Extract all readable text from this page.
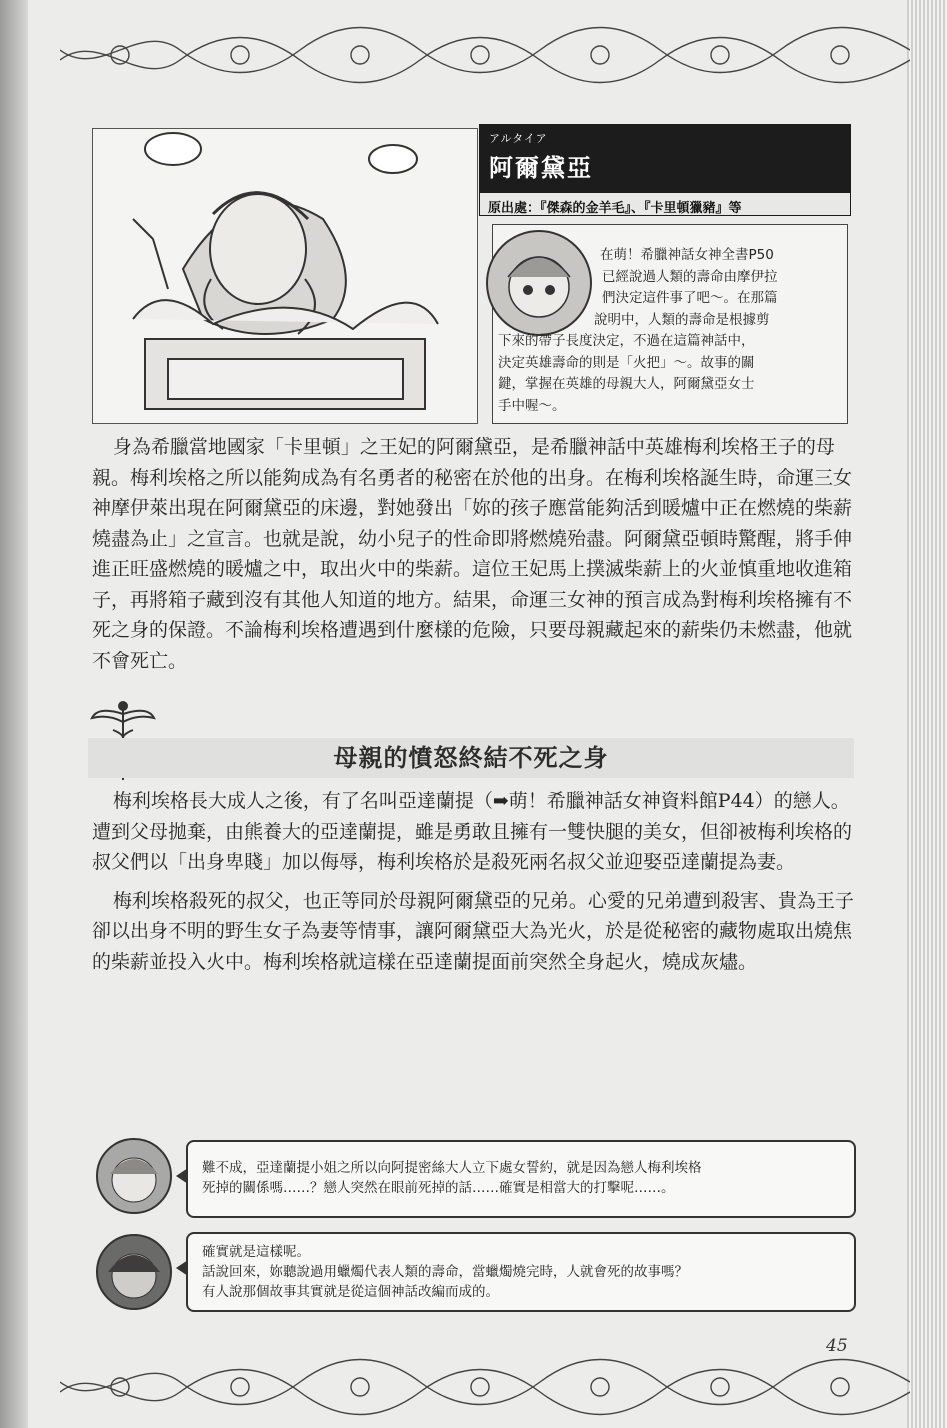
アルタイア
阿爾黛亞
原出處：『傑森的金羊毛』、『卡里頓獵豬』等
在萌！希臘神話女神全書P50
已經說過人類的壽命由摩伊拉
們決定這件事了吧～。在那篇
說明中，人類的壽命是根據剪
下來的帶子長度決定，不過在這篇神話中，
決定英雄壽命的則是「火把」～。故事的關
鍵，掌握在英雄的母親大人，阿爾黛亞女士
手中喔～。

身為希臘當地國家「卡里頓」之王妃的阿爾黛亞，是希臘神話中英雄梅利埃格王子的母親。梅利埃格之所以能夠成為有名勇者的秘密在於他的出身。在梅利埃格誕生時，命運三女神摩伊萊出現在阿爾黛亞的床邊，對她發出「妳的孩子應當能夠活到暖爐中正在燃燒的柴薪燒盡為止」之宣言。也就是說，幼小兒子的性命即將燃燒殆盡。阿爾黛亞頓時驚醒，將手伸進正旺盛燃燒的暖爐之中，取出火中的柴薪。這位王妃馬上撲滅柴薪上的火並慎重地收進箱子，再將箱子藏到沒有其他人知道的地方。結果，命運三女神的預言成為對梅利埃格擁有不死之身的保證。不論梅利埃格遭遇到什麼樣的危險，只要母親藏起來的薪柴仍未燃盡，他就不會死亡。

母親的憤怒終結不死之身

梅利埃格長大成人之後，有了名叫亞達蘭提（➡萌！希臘神話女神資料館P44）的戀人。遭到父母拋棄，由熊養大的亞達蘭提，雖是勇敢且擁有一雙快腿的美女，但卻被梅利埃格的叔父們以「出身卑賤」加以侮辱，梅利埃格於是殺死兩名叔父並迎娶亞達蘭提為妻。

梅利埃格殺死的叔父，也正等同於母親阿爾黛亞的兄弟。心愛的兄弟遭到殺害、貴為王子卻以出身不明的野生女子為妻等情事，讓阿爾黛亞大為光火，於是從秘密的藏物處取出燒焦的柴薪並投入火中。梅利埃格就這樣在亞達蘭提面前突然全身起火，燒成灰燼。

難不成，亞達蘭提小姐之所以向阿提密絲大人立下處女誓約，就是因為戀人梅利埃格
死掉的關係嗎……？戀人突然在眼前死掉的話……確實是相當大的打擊呢……。
確實就是這樣呢。
話說回來，妳聽說過用蠟燭代表人類的壽命，當蠟燭燒完時，人就會死的故事嗎？
有人說那個故事其實就是從這個神話改編而成的。
45
